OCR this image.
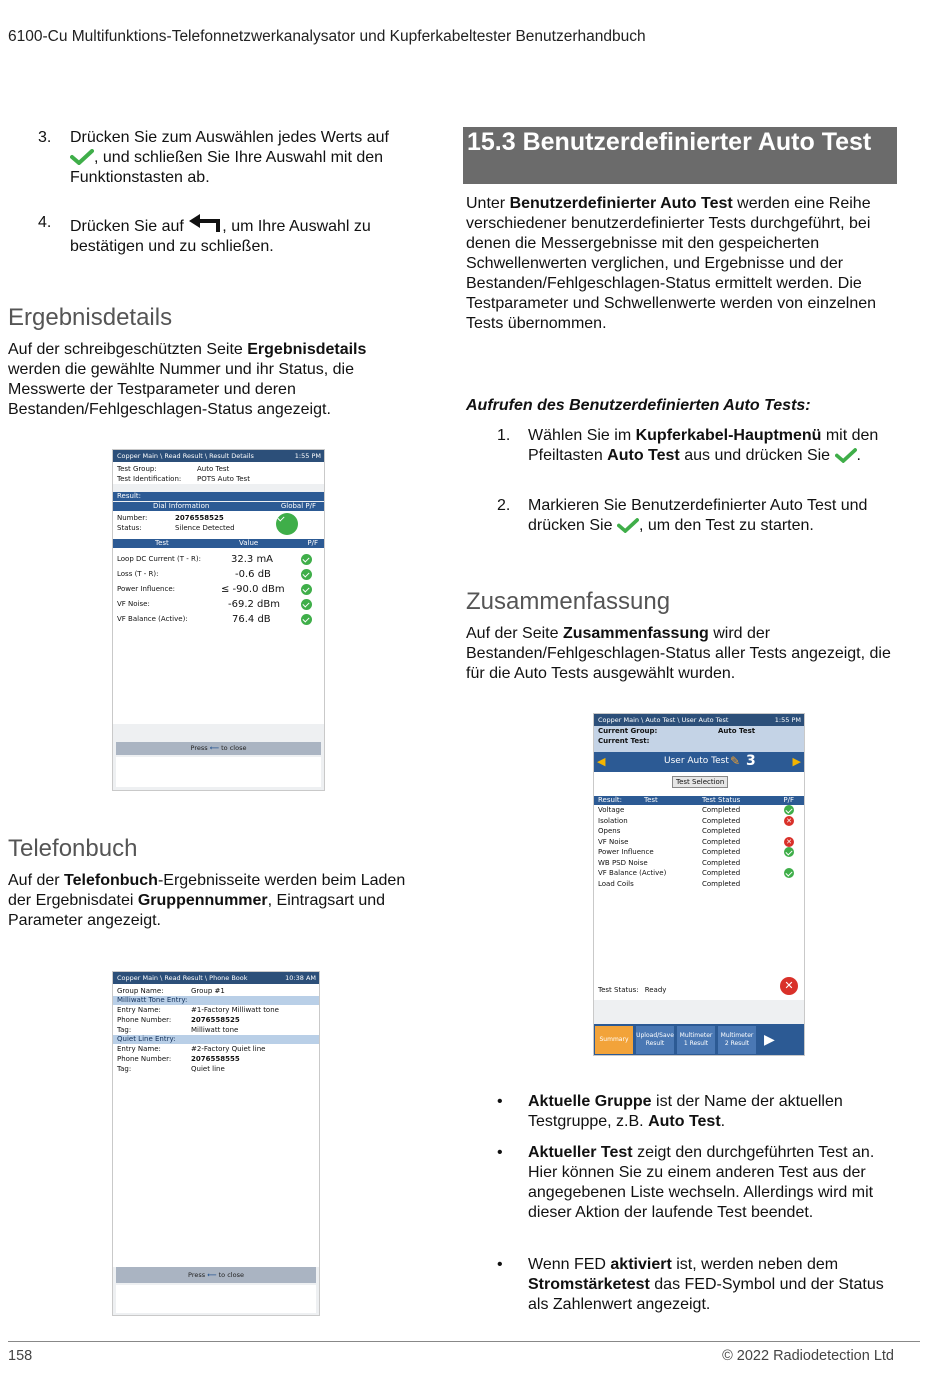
6100-Cu Multifunktions-Telefonnetzwerkanalysator und Kupferkabeltester Benutzerhandbuch
3. Drücken Sie zum Auswählen jedes Werts auf
, und schließen Sie Ihre Auswahl mit den Funktionstasten ab.
4. Drücken Sie auf , um Ihre Auswahl zu bestätigen und zu schließen.
Ergebnisdetails
Auf der schreibgeschützten Seite Ergebnisdetails werden die gewählte Nummer und ihr Status, die Messwerte der Testparameter und deren Bestanden/Fehlgeschlagen-Status angezeigt.
Copper Main \ Read Result \ Result Details	1:55 PM
Test Group:	Auto Test
Test Identification: POTS Auto Test
Result:
Dial Information	Global P/F
Number:	2076558525
Status:	Silence Detected
Test	Value	P/F
Loop DC Current (T - R):	32.3 mA
Loss (T - R):	-0.6 dB
Power Influence:	≤ -90.0 dBm
VF Noise:	-69.2 dBm
VF Balance (Active):	76.4 dB
Press ⟵ to close
Telefonbuch
Auf der Telefonbuch-Ergebnisseite werden beim Laden der Ergebnisdatei Gruppennummer, Eintragsart und Parameter angezeigt.
Copper Main \ Read Result \ Phone Book	10:38 AM
Group Name:	Group #1
Milliwatt Tone Entry:
Entry Name:	#1-Factory Milliwatt tone
Phone Number:	2076558525
Tag:	Milliwatt tone
Quiet Line Entry:
Entry Name:	#2-Factory Quiet line
Phone Number:	2076558555
Tag:	Quiet line
Press ⟵ to close
15.3 Benutzerdefinierter Auto Test
Unter Benutzerdefinierter Auto Test werden eine Reihe verschiedener benutzerdefinierter Tests durchgeführt, bei denen die Messergebnisse mit den gespeicherten Schwellenwerten verglichen, und Ergebnisse und der Bestanden/Fehlgeschlagen-Status ermittelt werden. Die Testparameter und Schwellenwerte werden von einzelnen Tests übernommen.
Aufrufen des Benutzerdefinierten Auto Tests:
1. Wählen Sie im Kupferkabel-Hauptmenü mit den Pfeiltasten Auto Test aus und drücken Sie .
2. Markieren Sie Benutzerdefinierter Auto Test und drücken Sie , um den Test zu starten.
Zusammenfassung
Auf der Seite Zusammenfassung wird der Bestanden/Fehlgeschlagen-Status aller Tests angezeigt, die für die Auto Tests ausgewählt wurden.
Copper Main \ Auto Test \ User Auto Test	1:55 PM
Current Group:	Auto Test
Current Test:
◀	User Auto Test ✎ 3	▶
Test Selection
Result:	Test	Test Status	P/F
Voltage	Completed
Isolation	Completed	✕
Opens	Completed
VF Noise	Completed	✕
Power Influence	Completed
WB PSD Noise	Completed
VF Balance (Active)	Completed
Load Coils	Completed
Test Status: Ready	✕
Summary
Upload/Save Result
Multimeter 1 Result
Multimeter 2 Result	▶
• Aktuelle Gruppe ist der Name der aktuellen Testgruppe, z.B. Auto Test.
• Aktueller Test zeigt den durchgeführten Test an. Hier können Sie zu einem anderen Test aus der angegebenen Liste wechseln. Allerdings wird mit dieser Aktion der laufende Test beendet.
• Wenn FED aktiviert ist, werden neben dem Stromstärketest das FED-Symbol und der Status als Zahlenwert angezeigt.
158	© 2022 Radiodetection Ltd
